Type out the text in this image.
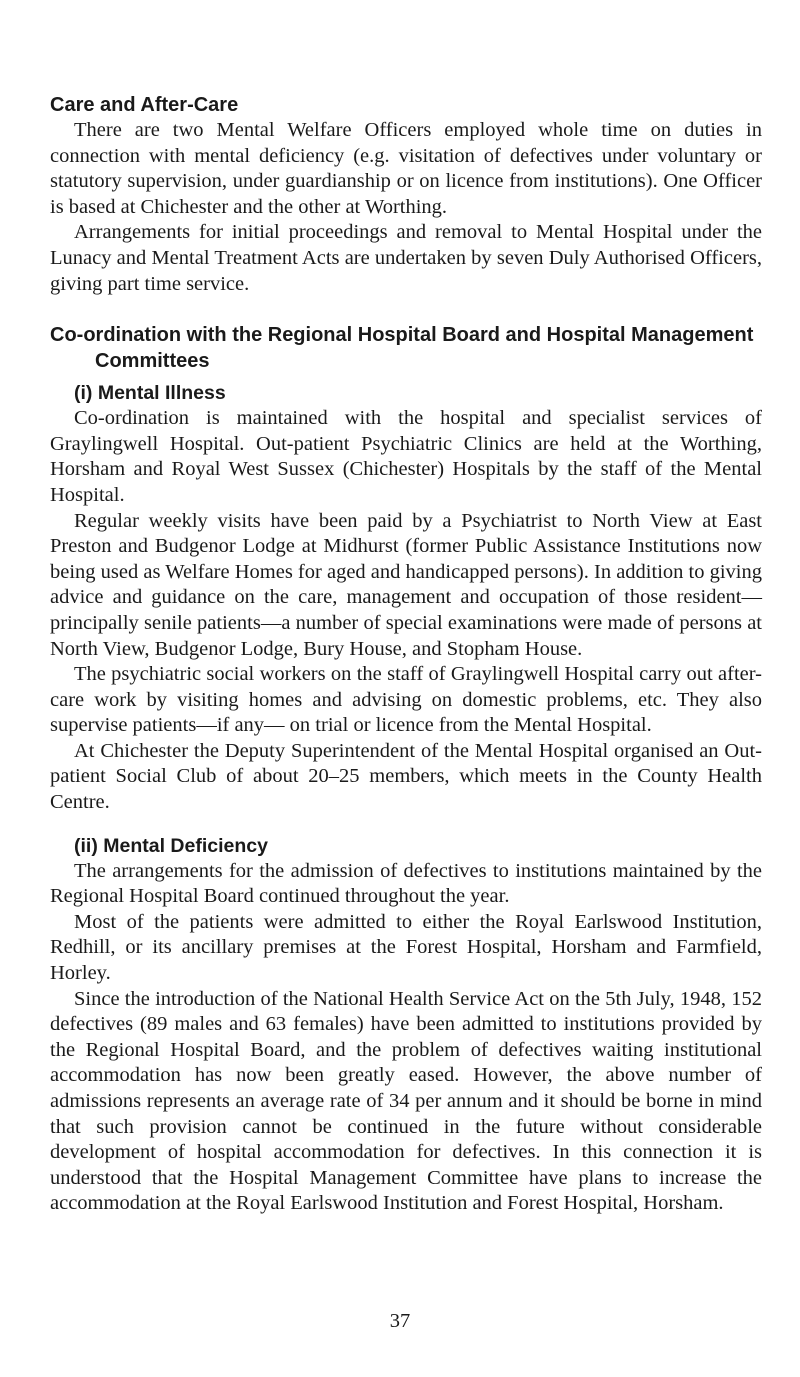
Care and After-Care

There are two Mental Welfare Officers employed whole time on duties in connection with mental deficiency (e.g. visitation of defectives under voluntary or statutory supervision, under guardianship or on licence from institutions). One Officer is based at Chichester and the other at Worthing.

Arrangements for initial proceedings and removal to Mental Hospital under the Lunacy and Mental Treatment Acts are undertaken by seven Duly Authorised Officers, giving part time service.

Co-ordination with the Regional Hospital Board and Hospital Management Committees
(i) Mental Illness

Co-ordination is maintained with the hospital and specialist services of Graylingwell Hospital. Out-patient Psychiatric Clinics are held at the Worthing, Horsham and Royal West Sussex (Chichester) Hospitals by the staff of the Mental Hospital.

Regular weekly visits have been paid by a Psychiatrist to North View at East Preston and Budgenor Lodge at Midhurst (former Public Assistance Institutions now being used as Welfare Homes for aged and handicapped persons). In addition to giving advice and guidance on the care, management and occupation of those resident—principally senile patients—a number of special examinations were made of persons at North View, Budgenor Lodge, Bury House, and Stopham House.

The psychiatric social workers on the staff of Graylingwell Hospital carry out after-care work by visiting homes and advising on domestic problems, etc. They also supervise patients—if any— on trial or licence from the Mental Hospital.

At Chichester the Deputy Superintendent of the Mental Hospital organised an Out-patient Social Club of about 20–25 members, which meets in the County Health Centre.

(ii) Mental Deficiency

The arrangements for the admission of defectives to institutions maintained by the Regional Hospital Board continued throughout the year.

Most of the patients were admitted to either the Royal Earlswood Institution, Redhill, or its ancillary premises at the Forest Hospital, Horsham and Farmfield, Horley.

Since the introduction of the National Health Service Act on the 5th July, 1948, 152 defectives (89 males and 63 females) have been admitted to institutions provided by the Regional Hospital Board, and the problem of defectives waiting institutional accommodation has now been greatly eased. However, the above number of admissions represents an average rate of 34 per annum and it should be borne in mind that such provision cannot be continued in the future without considerable development of hospital accommodation for defectives. In this connection it is understood that the Hospital Management Committee have plans to increase the accommodation at the Royal Earlswood Institution and Forest Hospital, Horsham.

37
